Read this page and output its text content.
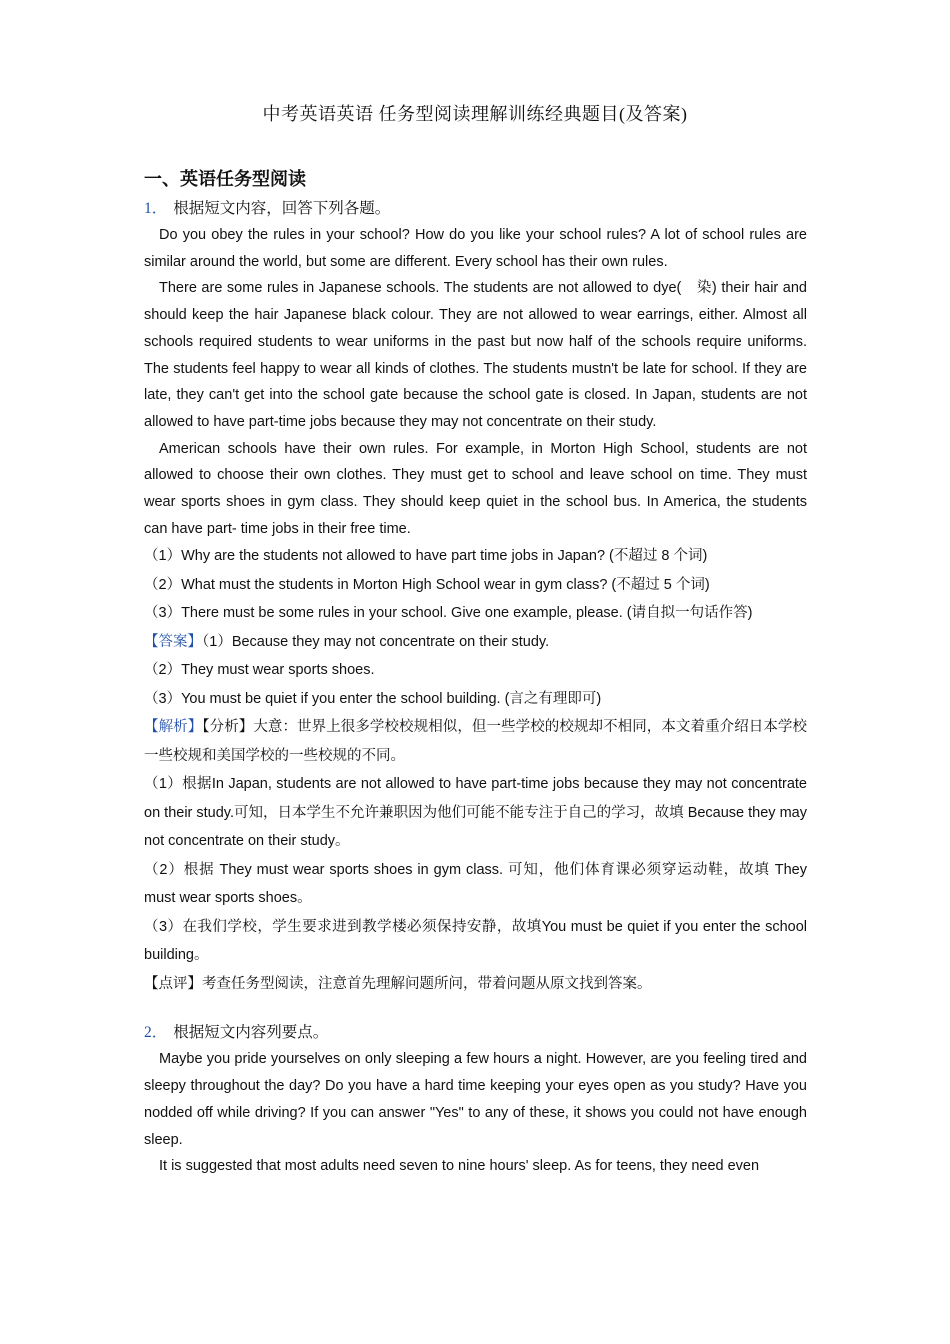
中考英语英语 任务型阅读理解训练经典题目(及答案)
一、英语任务型阅读
1． 根据短文内容，回答下列各题。

Do you obey the rules in your school? How do you like your school rules? A lot of school rules are similar around the world, but some are different. Every school has their own rules.

There are some rules in Japanese schools. The students are not allowed to dye(　染) their hair and should keep the hair Japanese black colour. They are not allowed to wear earrings, either. Almost all schools required students to wear uniforms in the past but now half of the schools require uniforms. The students feel happy to wear all kinds of clothes. The students mustn't be late for school. If they are late, they can't get into the school gate because the school gate is closed. In Japan, students are not allowed to have part-time jobs because they may not concentrate on their study.

American schools have their own rules. For example, in Morton High School, students are not allowed to choose their own clothes. They must get to school and leave school on time. They must wear sports shoes in gym class. They should keep quiet in the school bus. In America, the students can have part- time jobs in their free time.

（1）Why are the students not allowed to have part time jobs in Japan? (不超过 8 个词)

（2）What must the students in Morton High School wear in gym class? (不超过 5 个词)

（3）There must be some rules in your school. Give one example, please. (请自拟一句话作答)

【答案】（1）Because they may not concentrate on their study.

（2）They must wear sports shoes.

（3）You must be quiet if you enter the school building. (言之有理即可)

【解析】【分析】大意：世界上很多学校校规相似，但一些学校的校规却不相同，本文着重介绍日本学校一些校规和美国学校的一些校规的不同。

（1）根据In Japan, students are not allowed to have part-time jobs because they may not concentrate on their study.可知，日本学生不允许兼职因为他们可能不能专注于自己的学习，故填 Because they may not concentrate on their study。

（2）根据 They must wear sports shoes in gym class. 可知，他们体育课必须穿运动鞋，故填 They must wear sports shoes。

（3）在我们学校，学生要求进到教学楼必须保持安静，故填You must be quiet if you enter the school building。

【点评】考查任务型阅读，注意首先理解问题所问，带着问题从原文找到答案。

2． 根据短文内容列要点。

Maybe you pride yourselves on only sleeping a few hours a night. However, are you feeling tired and sleepy throughout the day? Do you have a hard time keeping your eyes open as you study? Have you nodded off while driving? If you can answer "Yes" to any of these, it shows you could not have enough sleep.

It is suggested that most adults need seven to nine hours' sleep. As for teens, they need even
